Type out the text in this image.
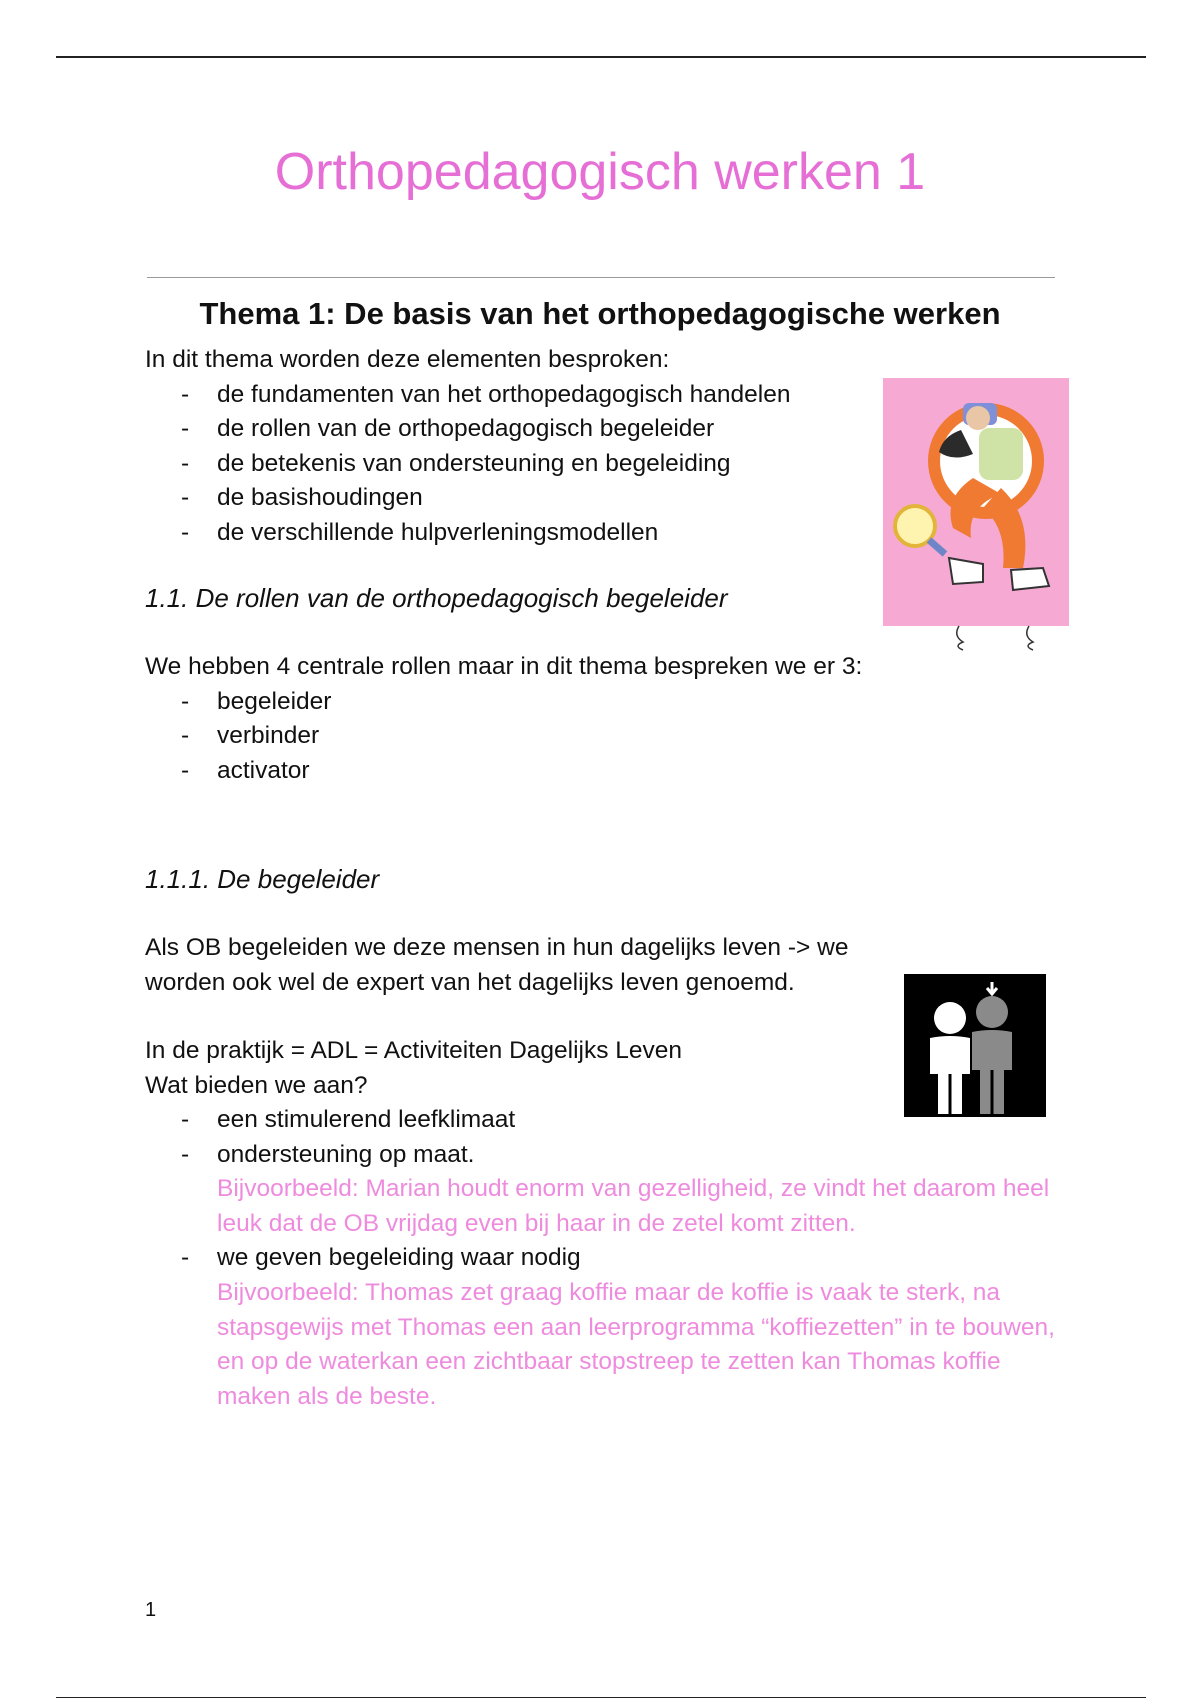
Orthopedagogisch werken 1
Thema 1: De basis van het orthopedagogische werken

In dit thema worden deze elementen besproken:

- de fundamenten van het orthopedagogisch handelen
- de rollen van de orthopedagogisch begeleider
- de betekenis van ondersteuning en begeleiding
- de basishoudingen
- de verschillende hulpverleningsmodellen
1.1. De rollen van de orthopedagogisch begeleider

We hebben 4 centrale rollen maar in dit thema bespreken we er 3:

- begeleider
- verbinder
- activator
1.1.1. De begeleider
Als OB begeleiden we deze mensen in hun dagelijks leven -> we worden ook wel de expert van het dagelijks leven genoemd.

In de praktijk = ADL = Activiteiten Dagelijks Leven

Wat bieden we aan?

- een stimulerend leefklimaat
- ondersteuning op maat.
Bijvoorbeeld: Marian houdt enorm van gezelligheid, ze vindt het daarom heel leuk dat de OB vrijdag even bij haar in de zetel komt zitten.
- we geven begeleiding waar nodig
Bijvoorbeeld: Thomas zet graag koffie maar de koffie is vaak te sterk, na stapsgewijs met Thomas een aan leerprogramma “koffiezetten” in te bouwen, en op de waterkan een zichtbaar stopstreep te zetten kan Thomas koffie maken als de beste.
1
